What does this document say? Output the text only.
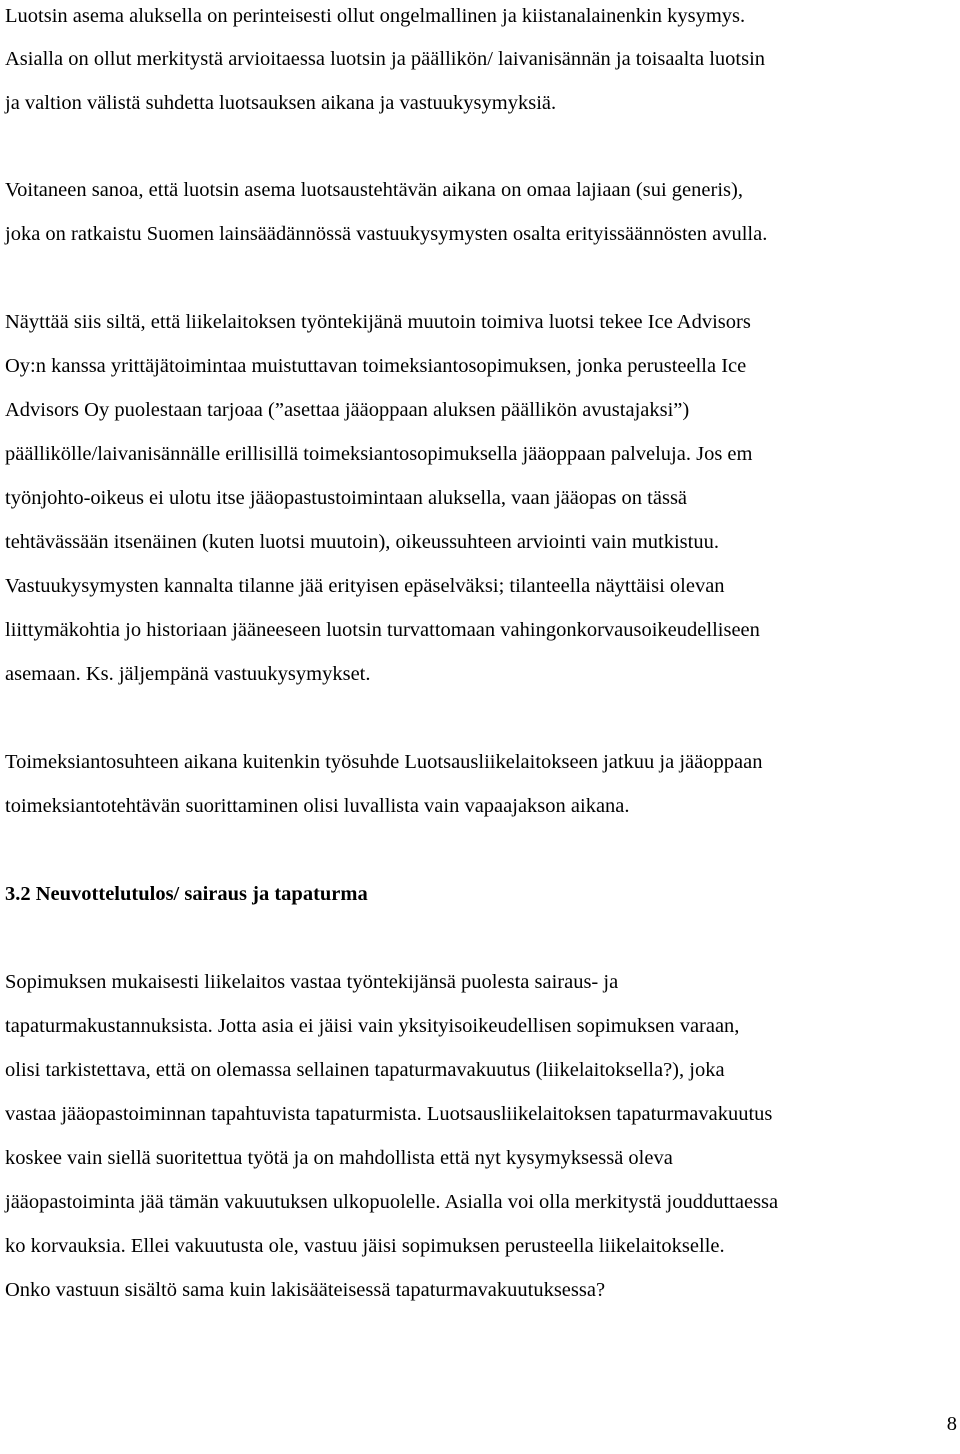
Luotsin asema aluksella on perinteisesti ollut ongelmallinen ja kiistanalainenkin kysymys.

Asialla on ollut merkitystä arvioitaessa luotsin ja päällikön/ laivanisännän ja toisaalta luotsin

ja valtion välistä suhdetta luotsauksen aikana ja vastuukysymyksiä.

Voitaneen sanoa, että luotsin asema luotsaustehtävän aikana on omaa lajiaan (sui generis),

joka on ratkaistu Suomen lainsäädännössä vastuukysymysten osalta erityissäännösten avulla.

Näyttää siis siltä, että liikelaitoksen työntekijänä muutoin toimiva luotsi tekee Ice Advisors

Oy:n kanssa yrittäjätoimintaa muistuttavan toimeksiantosopimuksen, jonka perusteella Ice

Advisors Oy puolestaan tarjoaa (”asettaa jääoppaan aluksen päällikön avustajaksi”)

päällikölle/laivanisännälle erillisillä toimeksiantosopimuksella jääoppaan palveluja. Jos em

työnjohto-oikeus ei ulotu itse jääopastustoimintaan aluksella, vaan jääopas on tässä

tehtävässään itsenäinen (kuten luotsi muutoin), oikeussuhteen arviointi vain mutkistuu.

Vastuukysymysten kannalta tilanne jää erityisen epäselväksi; tilanteella näyttäisi olevan

liittymäkohtia jo historiaan jääneeseen luotsin turvattomaan vahingonkorvausoikeudelliseen

asemaan. Ks. jäljempänä vastuukysymykset.

Toimeksiantosuhteen aikana kuitenkin työsuhde Luotsausliikelaitokseen jatkuu ja jääoppaan

toimeksiantotehtävän suorittaminen olisi luvallista vain vapaajakson aikana.

3.2 Neuvottelutulos/ sairaus ja tapaturma

Sopimuksen mukaisesti liikelaitos vastaa työntekijänsä puolesta sairaus- ja

tapaturmakustannuksista. Jotta asia ei jäisi vain yksityisoikeudellisen sopimuksen varaan,

olisi tarkistettava, että on olemassa sellainen tapaturmavakuutus (liikelaitoksella?), joka

vastaa jääopastoiminnan tapahtuvista tapaturmista. Luotsausliikelaitoksen tapaturmavakuutus

koskee vain siellä suoritettua työtä ja on mahdollista että nyt kysymyksessä oleva

jääopastoiminta jää tämän vakuutuksen ulkopuolelle. Asialla voi olla merkitystä joudduttaessa

ko korvauksia. Ellei vakuutusta ole, vastuu jäisi sopimuksen perusteella liikelaitokselle.

Onko vastuun sisältö sama kuin lakisääteisessä tapaturmavakuutuksessa?

8
